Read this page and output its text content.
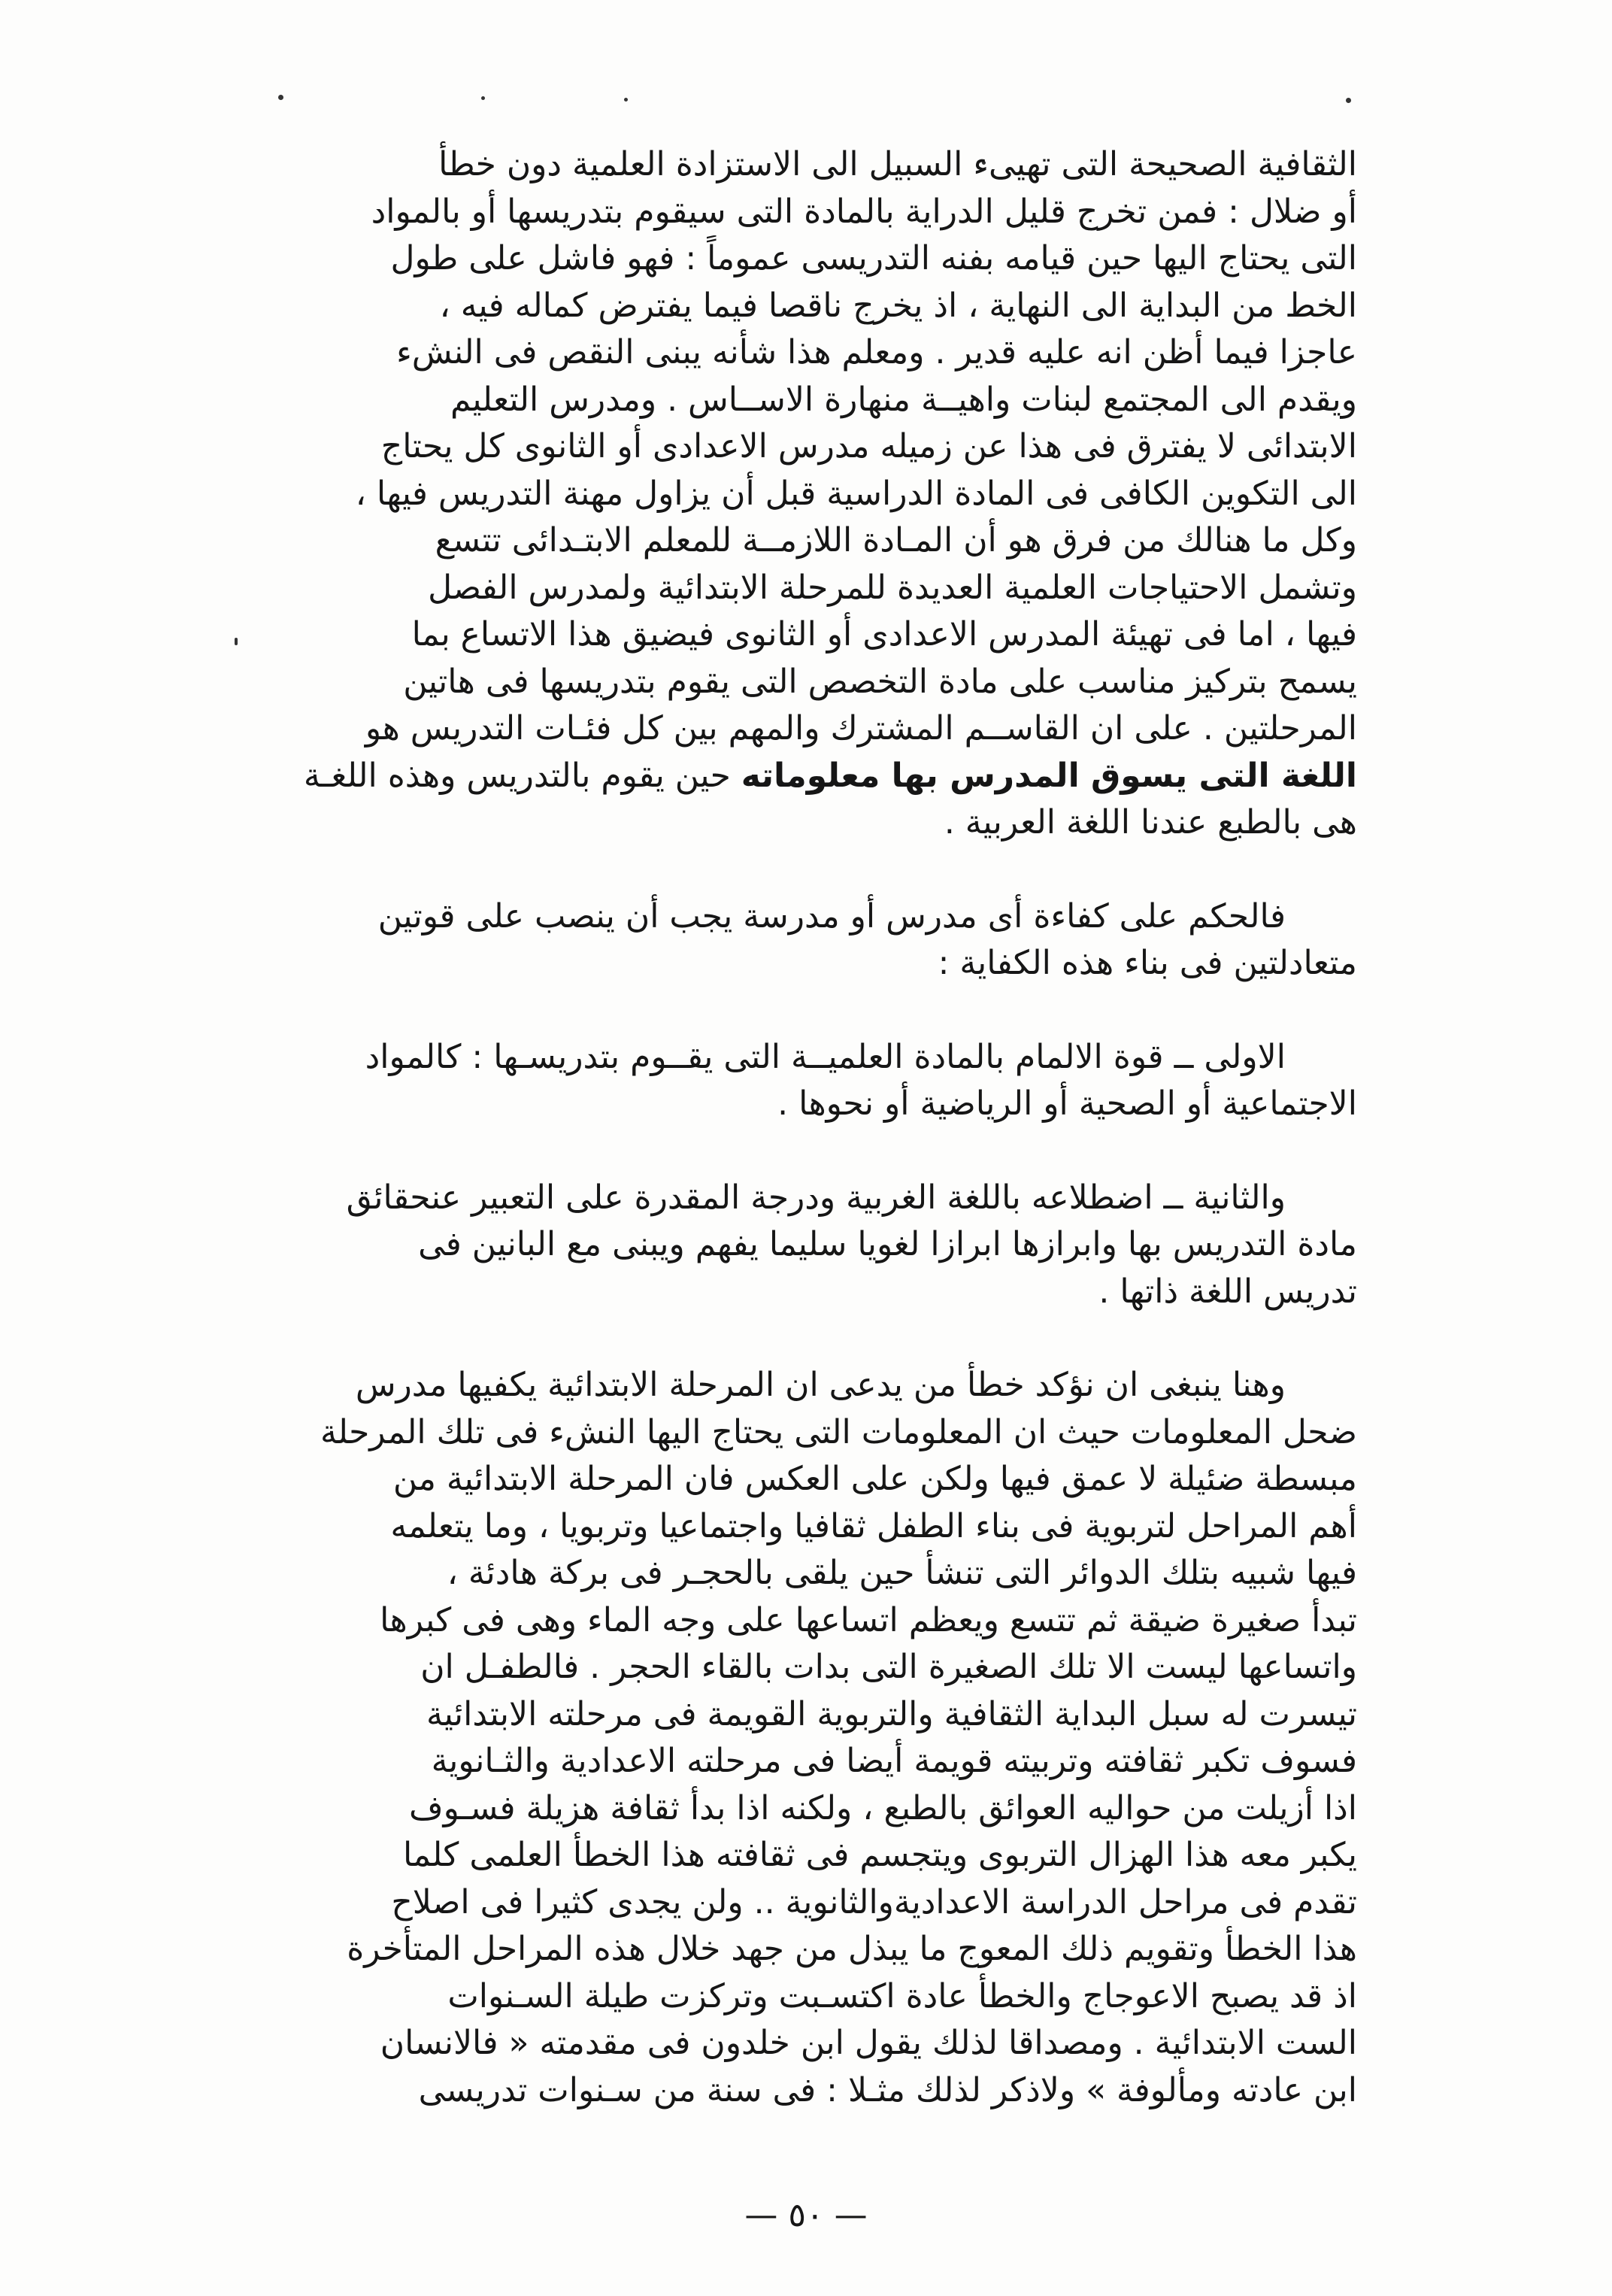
الثقافية الصحيحة التى تهيىء السبيل الى الاستزادة العلمية دون خطأ
أو ضلال : فمن تخرج قليل الدراية بالمادة التى سيقوم بتدريسها أو بالمواد
التى يحتاج اليها حين قيامه بفنه التدريسى عموماً : فهو فاشل على طول
الخط من البداية الى النهاية ، اذ يخرج ناقصا فيما يفترض كماله فيه ،
عاجزا فيما أظن انه عليه قدير . ومعلم هذا شأنه يبنى النقص فى النشء
ويقدم الى المجتمع لبنات واهيــة منهارة الاســاس . ومدرس التعليم
الابتدائى لا يفترق فى هذا عن زميله مدرس الاعدادى أو الثانوى كل يحتاج
الى التكوين الكافى فى المادة الدراسية قبل أن يزاول مهنة التدريس فيها ،
وكل ما هنالك من فرق هو أن المـادة اللازمــة للمعلم الابتـدائى تتسع
وتشمل الاحتياجات العلمية العديدة للمرحلة الابتدائية ولمدرس الفصل
فيها ، اما فى تهيئة المدرس الاعدادى أو الثانوى فيضيق هذا الاتساع بما
يسمح بتركيز مناسب على مادة التخصص التى يقوم بتدريسها فى هاتين
المرحلتين . على ان القاســم المشترك والمهم بين كل فئـات التدريس هو
اللغة التى يسوق المدرس بها معلوماته حين يقوم بالتدريس وهذه اللغـة
هى بالطبع عندنا اللغة العربية .
فالحكم على كفاءة أى مدرس أو مدرسة يجب أن ينصب على قوتين
متعادلتين فى بناء هذه الكفاية :
الاولى ــ قوة الالمام بالمادة العلميــة التى يقــوم بتدريسـها : كالمواد
الاجتماعية أو الصحية أو الرياضية أو نحوها .
والثانية ــ اضطلاعه باللغة الغربية ودرجة المقدرة على التعبير عنحقائق
مادة التدريس بها وابرازها ابرازا لغويا سليما يفهم ويبنى مع البانين فى
تدريس اللغة ذاتها .
وهنا ينبغى ان نؤكد خطأ من يدعى ان المرحلة الابتدائية يكفيها مدرس
ضحل المعلومات حيث ان المعلومات التى يحتاج اليها النشء فى تلك المرحلة
مبسطة ضئيلة لا عمق فيها ولكن على العكس فان المرحلة الابتدائية من
أهم المراحل لتربوية فى بناء الطفل ثقافيا واجتماعيا وتربويا ، وما يتعلمه
فيها شبيه بتلك الدوائر التى تنشأ حين يلقى بالحجـر فى بركة هادئة ،
تبدأ صغيرة ضيقة ثم تتسع ويعظم اتساعها على وجه الماء وهى فى كبرها
واتساعها ليست الا تلك الصغيرة التى بدات بالقاء الحجر . فالطفـل ان
تيسرت له سبل البداية الثقافية والتربوية القويمة فى مرحلته الابتدائية
فسوف تكبر ثقافته وتربيته قويمة أيضا فى مرحلته الاعدادية والثـانوية
اذا أزيلت من حواليه العوائق بالطبع ، ولكنه اذا بدأ ثقافة هزيلة فسـوف
يكبر معه هذا الهزال التربوى ويتجسم فى ثقافته هذا الخطأ العلمى كلما
تقدم فى مراحل الدراسة الاعداديةوالثانوية .. ولن يجدى كثيرا فى اصلاح
هذا الخطأ وتقويم ذلك المعوج ما يبذل من جهد خلال هذه المراحل المتأخرة
اذ قد يصبح الاعوجاج والخطأ عادة اكتسـبت وتركزت طيلة السـنوات
الست الابتدائية . ومصداقا لذلك يقول ابن خلدون فى مقدمته « فالانسان
ابن عادته ومألوفة » ولاذكر لذلك مثـلا : فى سنة من سـنوات تدريسى
— ٥٠ —
